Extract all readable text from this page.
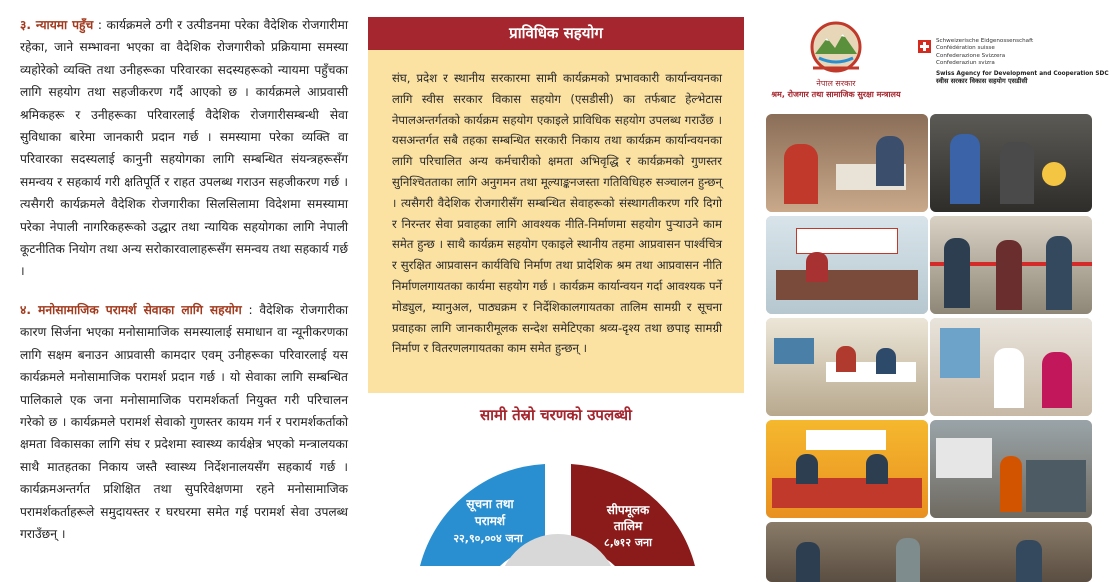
३. न्यायमा पहुँच : कार्यक्रमले ठगी र उत्पीडनमा परेका वैदेशिक रोजगारीमा रहेका, जाने सम्भावना भएका वा वैदेशिक रोजगारीको प्रक्रियामा समस्या व्यहोरेको व्यक्ति तथा उनीहरूका परिवारका सदस्यहरूको न्यायमा पहुँचका लागि सहयोग तथा सहजीकरण गर्दै आएको छ । कार्यक्रमले आप्रवासी श्रमिकहरू र उनीहरूका परिवारलाई वैदेशिक रोजगारीसम्बन्धी सेवा सुविधाका बारेमा जानकारी प्रदान गर्छ । समस्यामा परेका व्यक्ति वा परिवारका सदस्यलाई कानुनी सहयोगका लागि सम्बन्धित संयन्त्रहरूसँग समन्वय र सहकार्य गरी क्षतिपूर्ति र राहत उपलब्ध गराउन सहजीकरण गर्छ । त्यसैगरी कार्यक्रमले वैदेशिक रोजगारीका सिलसिलामा विदेशमा समस्यामा परेका नेपाली नागरिकहरूको उद्धार तथा न्यायिक सहयोगका लागि नेपाली कूटनीतिक नियोग तथा अन्य सरोकारवालाहरूसँग समन्वय तथा सहकार्य गर्छ ।

४. मनोसामाजिक परामर्श सेवाका लागि सहयोग : वैदेशिक रोजगारीका कारण सिर्जना भएका मनोसामाजिक समस्यालाई समाधान वा न्यूनीकरणका लागि सक्षम बनाउन आप्रवासी कामदार एवम् उनीहरूका परिवारलाई यस कार्यक्रमले मनोसामाजिक परामर्श प्रदान गर्छ । यो सेवाका लागि सम्बन्धित पालिकाले एक जना मनोसामाजिक परामर्शकर्ता नियुक्त गरी परिचालन गरेको छ । कार्यक्रमले परामर्श सेवाको गुणस्तर कायम गर्न र परामर्शकर्ताको क्षमता विकासका लागि संघ र प्रदेशमा स्वास्थ्य कार्यक्षेत्र भएको मन्त्रालयका साथै मातहतका निकाय जस्तै स्वास्थ्य निर्देशनालयसँग सहकार्य गर्छ । कार्यक्रमअन्तर्गत प्रशिक्षित तथा सुपरिवेक्षणमा रहने मनोसामाजिक परामर्शकर्ताहरूले समुदायस्तर र घरघरमा समेत गई परामर्श सेवा उपलब्ध गराउँछन् ।

प्राविधिक सहयोग
संघ, प्रदेश र स्थानीय सरकारमा सामी कार्यक्रमको प्रभावकारी कार्यान्वयनका लागि स्वीस सरकार विकास सहयोग (एसडीसी) का तर्फबाट हेल्भेटास नेपालअन्तर्गतको कार्यक्रम सहयोग एकाइले प्राविधिक सहयोग उपलब्ध गराउँछ । यसअन्तर्गत सबै तहका सम्बन्धित सरकारी निकाय तथा कार्यक्रम कार्यान्वयनका लागि परिचालित अन्य कर्मचारीको क्षमता अभिवृद्धि र कार्यक्रमको गुणस्तर सुनिश्चितताका लागि अनुगमन तथा मूल्याङ्कनजस्ता गतिविधिहरु सञ्चालन हुन्छन् । त्यसैगरी वैदेशिक रोजगारीसँग सम्बन्धित सेवाहरूको संस्थागतीकरण गरि दिगो र निरन्तर सेवा प्रवाहका लागि आवश्यक नीति-निर्माणमा सहयोग पुऱ्याउने काम समेत हुन्छ । साथै कार्यक्रम सहयोग एकाइले स्थानीय तहमा आप्रवासन पार्श्वचित्र र सुरक्षित आप्रवासन कार्यविधि निर्माण तथा प्रादेशिक श्रम तथा आप्रवासन नीति निर्माणलगायतका कार्यमा सहयोग गर्छ । कार्यक्रम कार्यान्वयन गर्दा आवश्यक पर्ने मोड्युल, म्यानुअल, पाठ्यक्रम र निर्देशिकालगायतका तालिम सामग्री र सूचना प्रवाहका लागि जानकारीमूलक सन्देश समेटिएका श्रव्य-दृश्य तथा छपाइ सामग्री निर्माण र वितरणलगायतका काम समेत हुन्छन् ।
सामी तेस्रो चरणको उपलब्धी
सूचना तथा
परामर्श
२२,९०,००४ जना
सीपमूलक
तालिम
८,७१२ जना
नेपाल सरकार
श्रम, रोजगार तथा सामाजिक सुरक्षा मन्त्रालय
Schweizerische Eidgenossenschaft
Confédération suisse
Confederazione Svizzera
Confederaziun svizra
Swiss Agency for Development and Cooperation SDC
स्वीस सरकार विकास सहयोग एसडीसी
